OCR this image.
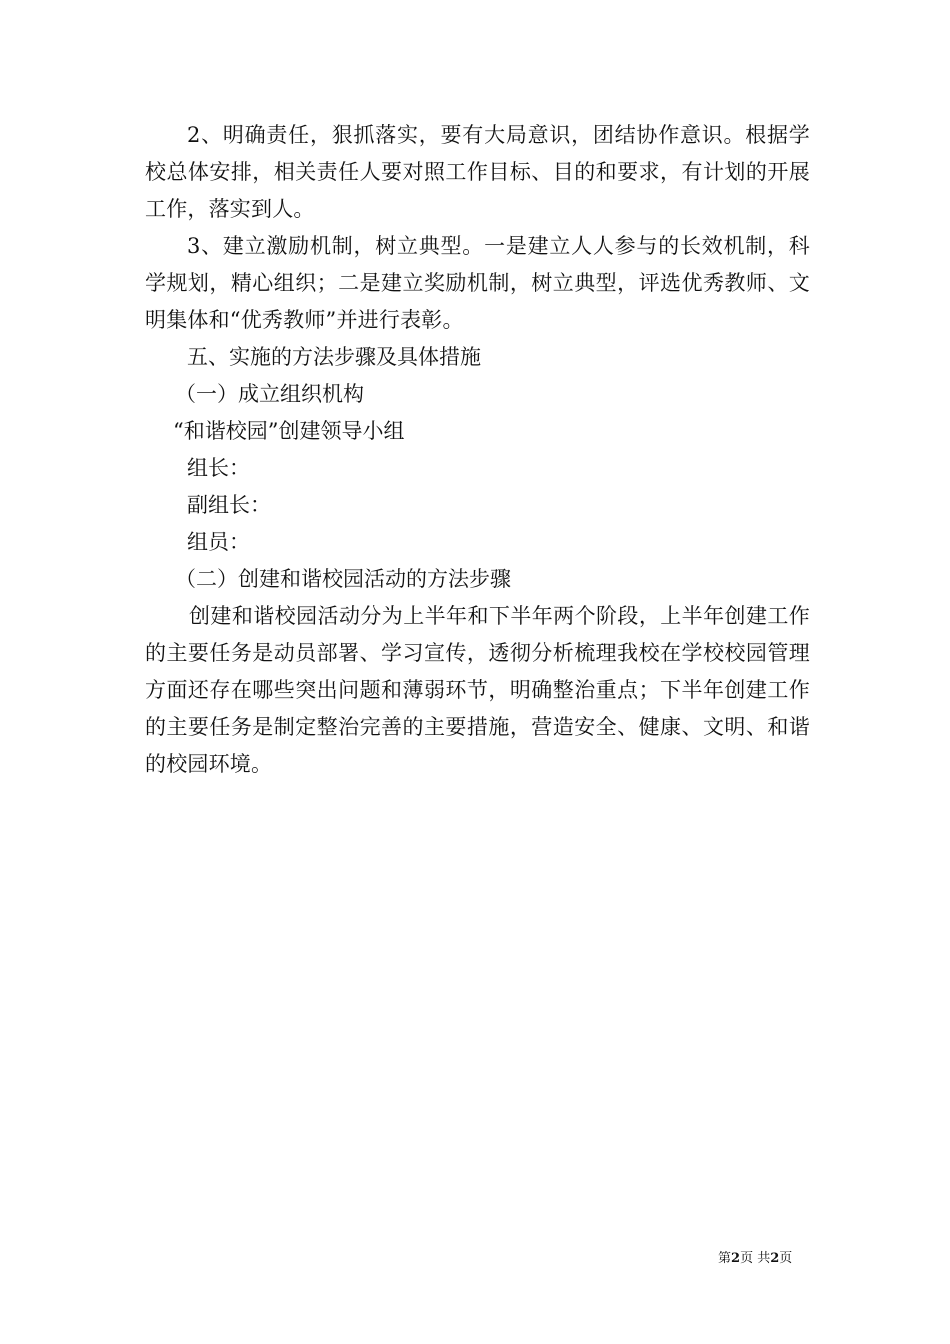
2、明确责任，狠抓落实，要有大局意识，团结协作意识。根据学校总体安排，相关责任人要对照工作目标、目的和要求，有计划的开展工作，落实到人。

3、建立激励机制，树立典型。一是建立人人参与的长效机制，科学规划，精心组织；二是建立奖励机制，树立典型，评选优秀教师、文明集体和“优秀教师”并进行表彰。

五、实施的方法步骤及具体措施

（一）成立组织机构

“和谐校园”创建领导小组

组长：

副组长：

组员：

（二）创建和谐校园活动的方法步骤

创建和谐校园活动分为上半年和下半年两个阶段，上半年创建工作的主要任务是动员部署、学习宣传，透彻分析梳理我校在学校校园管理方面还存在哪些突出问题和薄弱环节，明确整治重点；下半年创建工作的主要任务是制定整治完善的主要措施，营造安全、健康、文明、和谐的校园环境。

第2页 共2页
